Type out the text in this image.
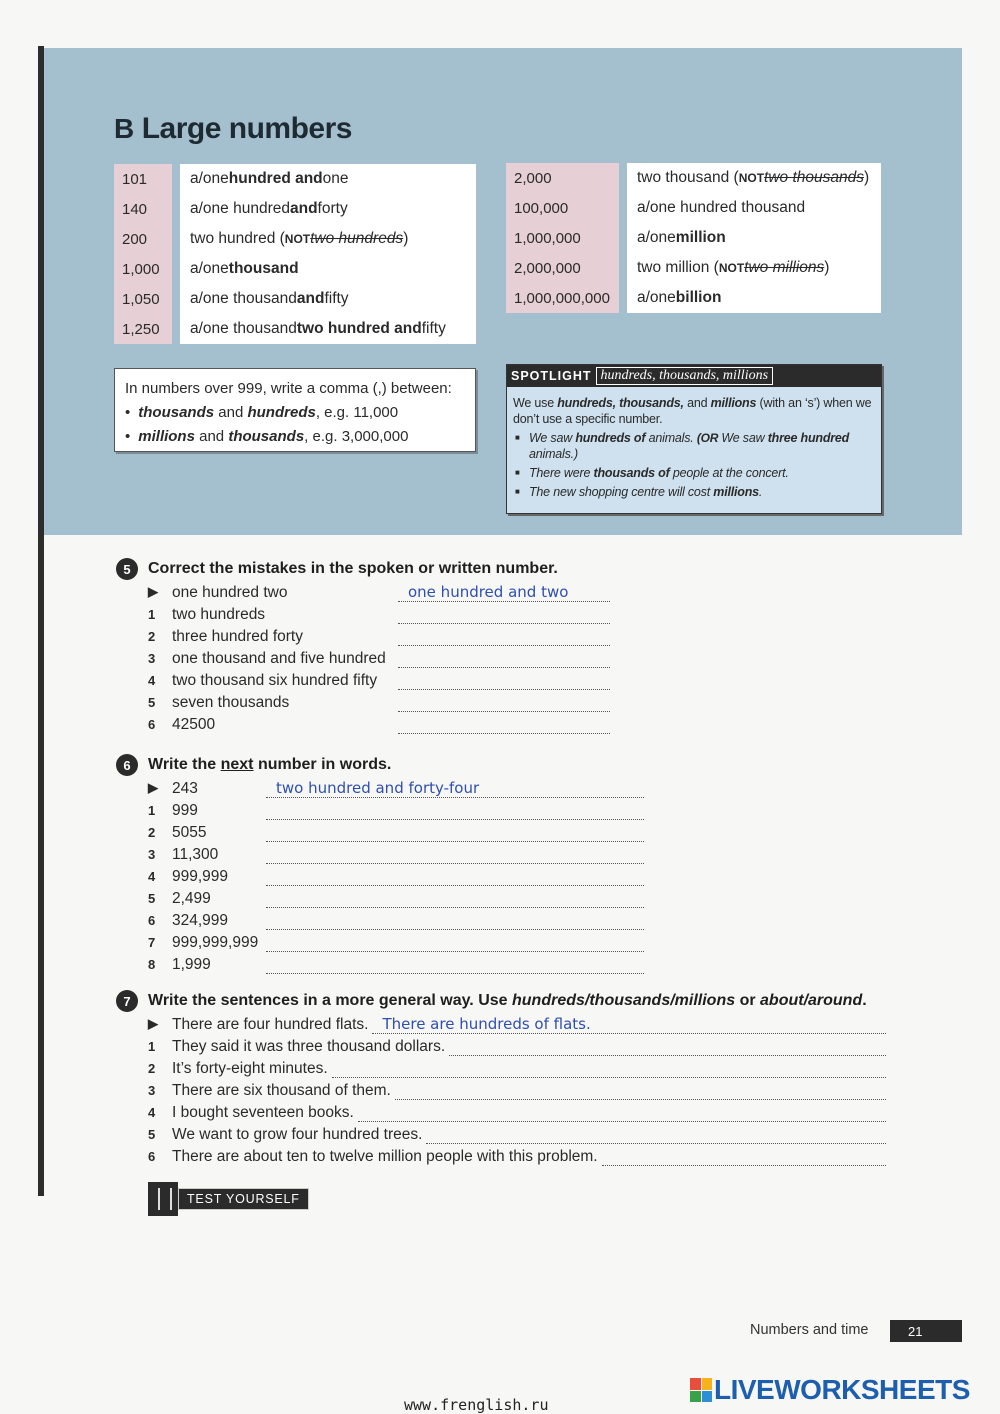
B Large numbers
101	a/one hundred and one
140	a/one hundred and forty
200	two hundred ( NOT two hundreds )
1,000	a/one thousand
1,050	a/one thousand and fifty
1,250	a/one thousand two hundred and fifty
2,000	two thousand ( NOT two thousands )
100,000	a/one hundred thousand
1,000,000	a/one million
2,000,000	two million ( NOT two millions )
1,000,000,000	a/one billion
In numbers over 999, write a comma (,) between:
• thousands and hundreds, e.g. 11,000
• millions and thousands, e.g. 3,000,000
SPOTLIGHT hundreds, thousands, millions
We use hundreds, thousands, and millions (with an ‘s’) when we don’t use a specific number.
■ We saw hundreds of animals. (OR We saw three hundred animals.)
■ There were thousands of people at the concert.
■ The new shopping centre will cost millions.
5	Correct the mistakes in the spoken or written number.
▶ one hundred two	one hundred and two
1	two hundreds
2	three hundred forty
3	one thousand and five hundred
4	two thousand six hundred fifty
5	seven thousands
6	42500
6	Write the
next
number in words.
▶ 243	two hundred and forty-four
1	999
2	5055
3	11,300
4	999,999
5	2,499
6	324,999
7	999,999,999
8	1,999
7	Write the sentences in a more general way. Use hundreds/thousands/millions or about/around.
▶ There are four hundred flats. There are hundreds of flats.
1	They said it was three thousand dollars.
2	It’s forty-eight minutes.
3	There are six thousand of them.
4	I bought seventeen books.
5	We want to grow four hundred trees.
6	There are about ten to twelve million people with this problem.
TEST YOURSELF
Numbers and time	21
www.frenglish.ru	LIVEWORKSHEETS
